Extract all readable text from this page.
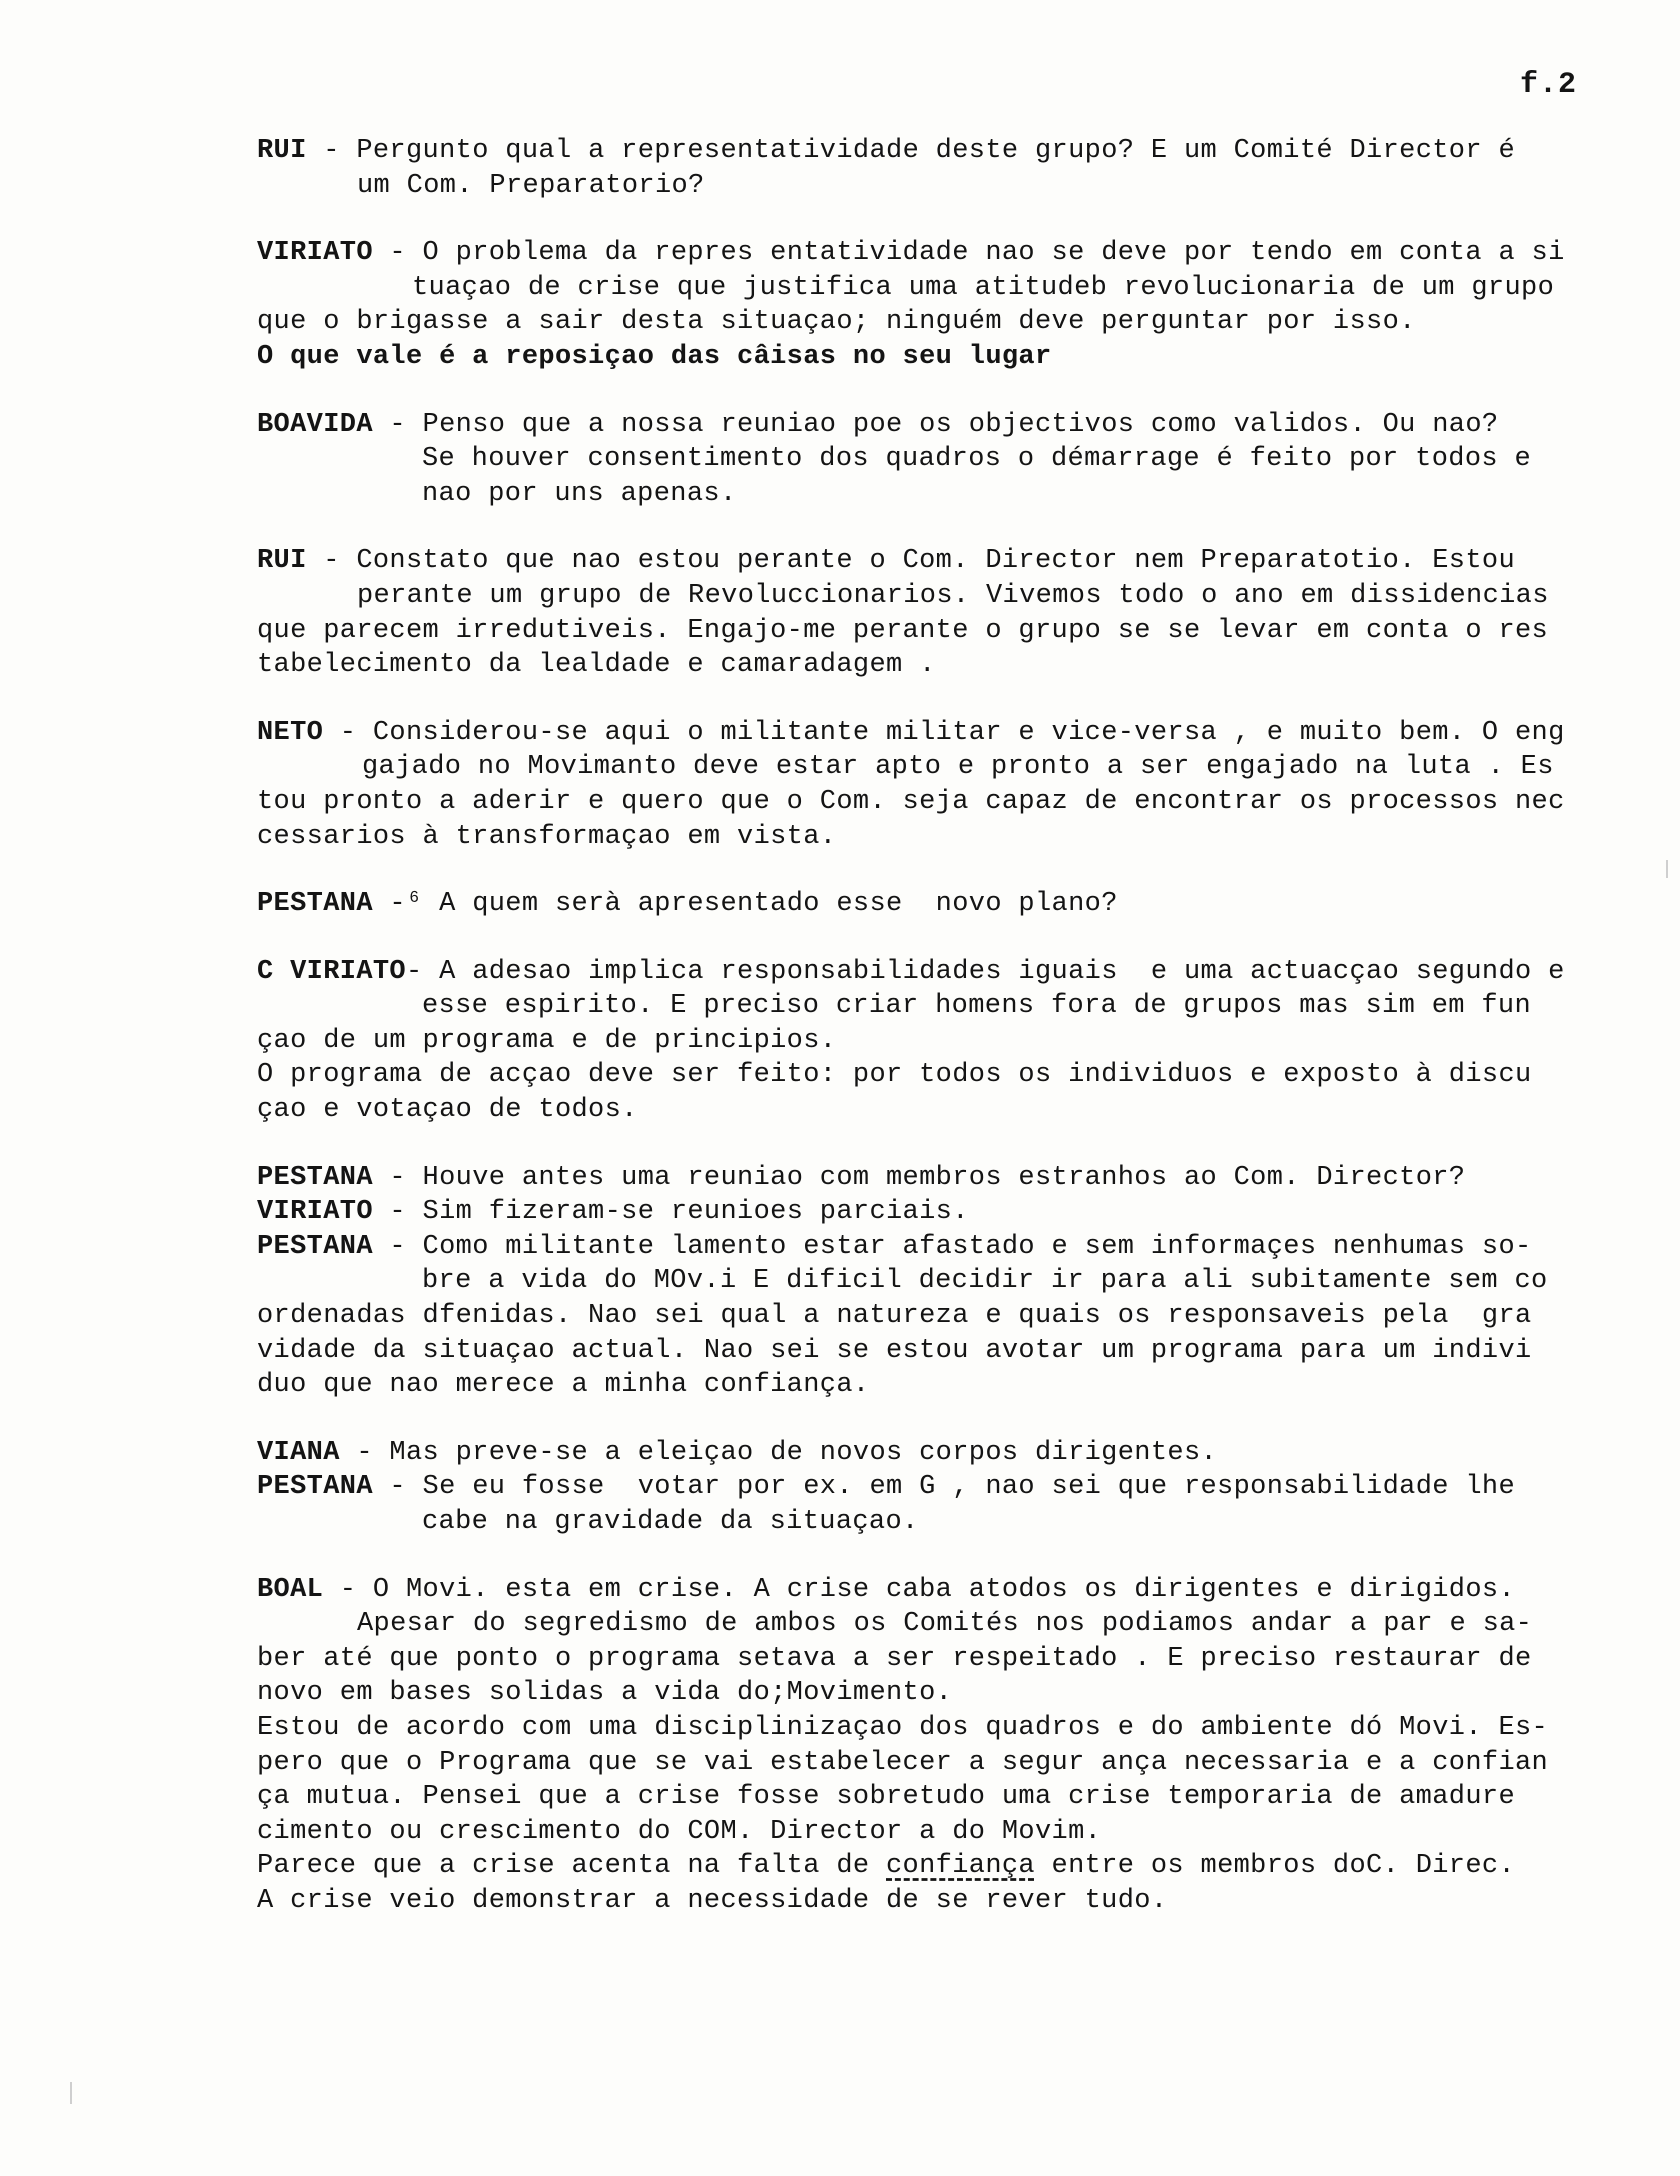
f.2
RUI - Pergunto qual a representatividade deste grupo? E um Comité Director é
um Com. Preparatorio?
VIRIATO - O problema da repres entatividade nao se deve por tendo em conta a si
tuaçao de crise que justifica uma atitudeb revolucionaria de um grupo
que o brigasse a sair desta situaçao; ninguém deve perguntar por isso.
O que vale é a reposiçao das câisas no seu lugar
BOAVIDA - Penso que a nossa reuniao poe os objectivos como validos. Ou nao?
Se houver consentimento dos quadros o démarrage é feito por todos e
nao por uns apenas.
RUI - Constato que nao estou perante o Com. Director nem Preparatotio. Estou
perante um grupo de Revoluccionarios. Vivemos todo o ano em dissidencias
que parecem irredutiveis. Engajo-me perante o grupo se se levar em conta o res
tabelecimento da lealdade e camaradagem .
NETO - Considerou-se aqui o militante militar e vice-versa , e muito bem. O eng
gajado no Movimanto deve estar apto e pronto a ser engajado na luta . Es
tou pronto a aderir e quero que o Com. seja capaz de encontrar os processos nec
cessarios à transformaçao em vista.
PESTANA -⁶ A quem serà apresentado esse  novo plano?
C VIRIATO- A adesao implica responsabilidades iguais  e uma actuacçao segundo e
esse espirito. E preciso criar homens fora de grupos mas sim em fun
çao de um programa e de principios.
O programa de acçao deve ser feito: por todos os individuos e exposto à discu
çao e votaçao de todos.
PESTANA - Houve antes uma reuniao com membros estranhos ao Com. Director?
VIRIATO - Sim fizeram-se reunioes parciais.
PESTANA - Como militante lamento estar afastado e sem informaçes nenhumas so-
bre a vida do MOv.i E dificil decidir ir para ali subitamente sem co
ordenadas dfenidas. Nao sei qual a natureza e quais os responsaveis pela  gra
vidade da situaçao actual. Nao sei se estou avotar um programa para um indivi
duo que nao merece a minha confiança.
VIANA - Mas preve-se a eleiçao de novos corpos dirigentes.
PESTANA - Se eu fosse  votar por ex. em G , nao sei que responsabilidade lhe
cabe na gravidade da situaçao.
BOAL - O Movi. esta em crise. A crise caba atodos os dirigentes e dirigidos.
Apesar do segredismo de ambos os Comités nos podiamos andar a par e sa-
ber até que ponto o programa setava a ser respeitado . E preciso restaurar de
novo em bases solidas a vida do;Movimento.
Estou de acordo com uma disciplinizaçao dos quadros e do ambiente dó Movi. Es-
pero que o Programa que se vai estabelecer a segur ança necessaria e a confian
ça mutua. Pensei que a crise fosse sobretudo uma crise temporaria de amadure
cimento ou crescimento do COM. Director a do Movim.
Parece que a crise acenta na falta de confiança entre os membros doC. Direc.
A crise veio demonstrar a necessidade de se rever tudo.
